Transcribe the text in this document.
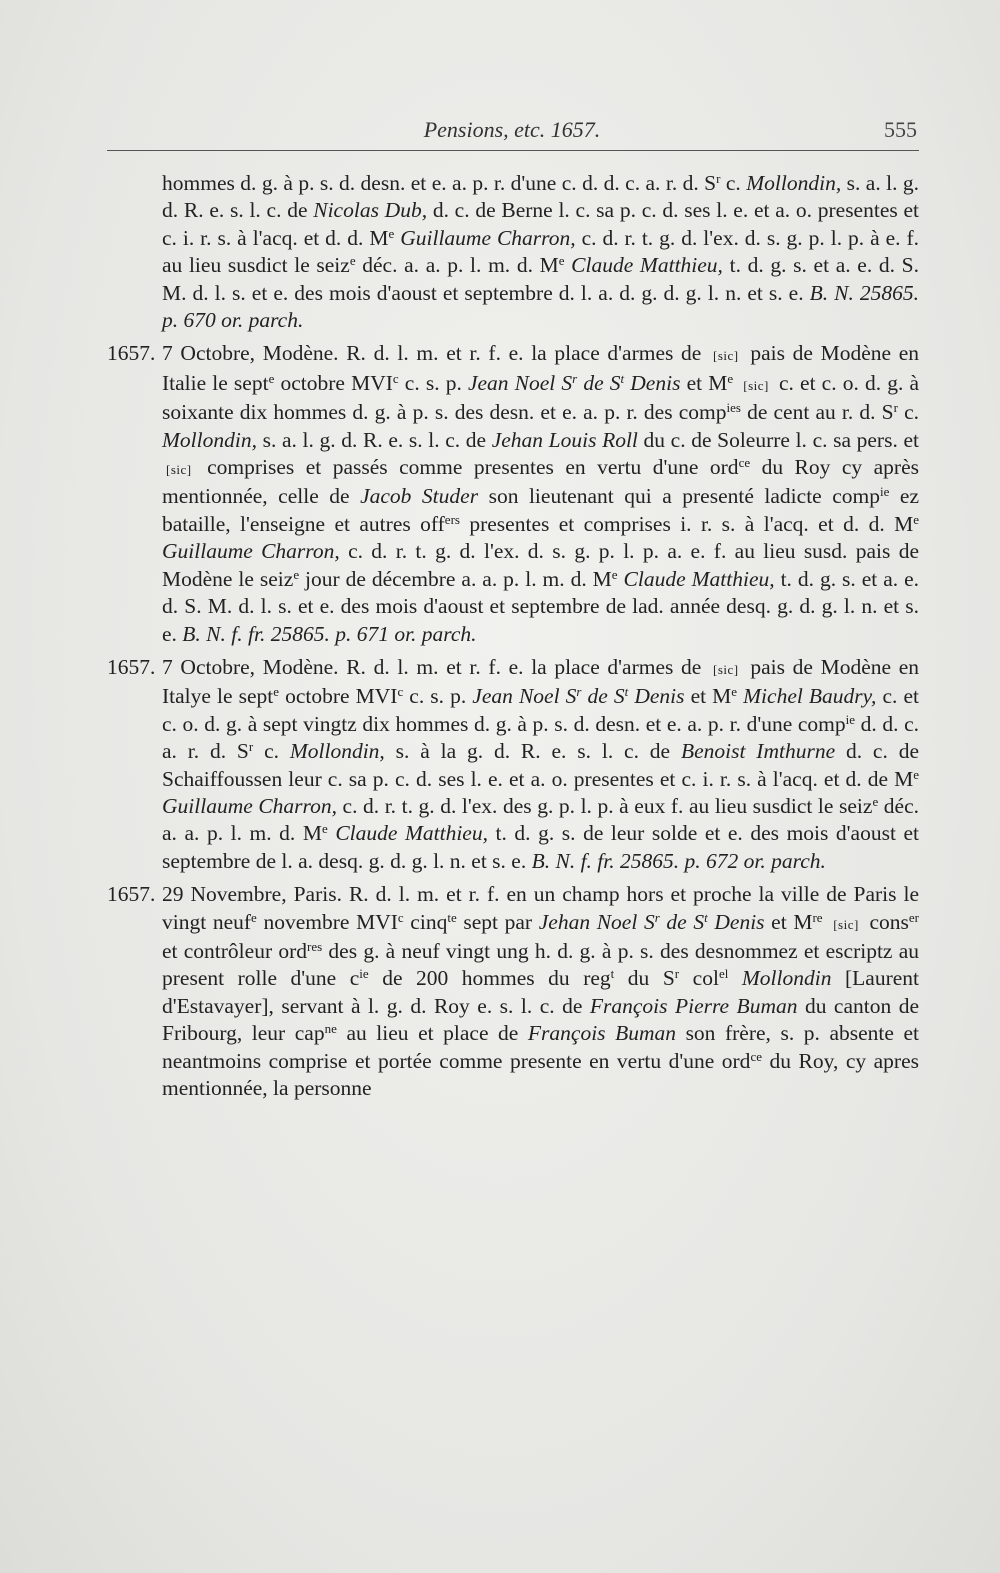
Pensions, etc. 1657.	555
hommes d. g. à p. s. d. desn. et e. a. p. r. d'une c. d. d. c. a. r. d. $S^r$ c. Mollondin, s. a. l. g. d. R. e. s. l. c. de Nicolas Dub, d. c. de Berne l. c. sa p. c. d. ses l. e. et a. o. presentes et c. i. r. s. à l'acq. et d. d. Me Guillaume Charron, c. d. r. t. g. d. l'ex. d. s. g. p. l. p. à e. f. au lieu susdict le seiz$^e$ déc. a. a. p. l. m. d. Me Claude Matthieu, t. d. g. s. et a. e. d. S. M. d. l. s. et e. des mois d'aoust et septembre d. l. a. d. g. d. g. l. n. et s. e. B. N. 25865. p. 670 or. parch.
1657. 7 Octobre, Modène. R. d. l. m. et r. f. e. la place d'armes de [sic] pais de Modène en Italie le sept$^e$ octobre MVI$^c$ c. s. p. Jean Noel $S^r$ de $S^t$ Denis et Me [sic] c. et c. o. d. g. à soixante dix hommes d. g. à p. s. des desn. et e. a. p. r. des comp$^{ies}$ de cent au r. d. $S^r$ c. Mollondin, s. a. l. g. d. R. e. s. l. c. de Jehan Louis Roll du c. de Soleurre l. c. sa pers. et [sic] comprises et passés comme presentes en vertu d'une ord$^{ce}$ du Roy cy après mentionnée, celle de Jacob Studer son lieutenant qui a presenté ladicte comp$^{ie}$ ez bataille, l'enseigne et autres off$^{ers}$ presentes et comprises i. r. s. à l'acq. et d. d. Me Guillaume Charron, c. d. r. t. g. d. l'ex. d. s. g. p. l. p. a. e. f. au lieu susd. pais de Modène le seiz$^e$ jour de décembre a. a. p. l. m. d. Me Claude Matthieu, t. d. g. s. et a. e. d. S. M. d. l. s. et e. des mois d'aoust et septembre de lad. année desq. g. d. g. l. n. et s. e. B. N. f. fr. 25865. p. 671 or. parch.
1657. 7 Octobre, Modène. R. d. l. m. et r. f. e. la place d'armes de [sic] pais de Modène en Italye le sept$^e$ octobre MVI$^c$ c. s. p. Jean Noel $S^r$ de $S^t$ Denis et Me Michel Baudry, c. et c. o. d. g. à sept vingtz dix hommes d. g. à p. s. d. desn. et e. a. p. r. d'une comp$^{ie}$ d. d. c. a. r. d. $S^r$ c. Mollondin, s. à la g. d. R. e. s. l. c. de Benoist Imthurne d. c. de Schaiffoussen leur c. sa p. c. d. ses l. e. et a. o. presentes et c. i. r. s. à l'acq. et d. de Me Guillaume Charron, c. d. r. t. g. d. l'ex. des g. p. l. p. à eux f. au lieu susdict le seiz$^e$ déc. a. a. p. l. m. d. Me Claude Matthieu, t. d. g. s. de leur solde et e. des mois d'aoust et septembre de l. a. desq. g. d. g. l. n. et s. e. B. N. f. fr. 25865. p. 672 or. parch.
1657. 29 Novembre, Paris. R. d. l. m. et r. f. en un champ hors et proche la ville de Paris le vingt neuf$^e$ novembre MVI$^c$ cinq$^{te}$ sept par Jehan Noel $S^r$ de $S^t$ Denis et Mre [sic] cons$^{er}$ et contrôleur ord$^{res}$ des g. à neuf vingt ung h. d. g. à p. s. des desnommez et escriptz au present rolle d'une $c^{ie}$ de 200 hommes du reg$^t$ du $S^r$ col$^{el}$ Mollondin [Laurent d'Estavayer], servant à l. g. d. Roy e. s. l. c. de François Pierre Buman du canton de Fribourg, leur cap$^{ne}$ au lieu et place de François Buman son frère, s. p. absente et neantmoins comprise et portée comme presente en vertu d'une ord$^{ce}$ du Roy, cy apres mentionnée, la personne
